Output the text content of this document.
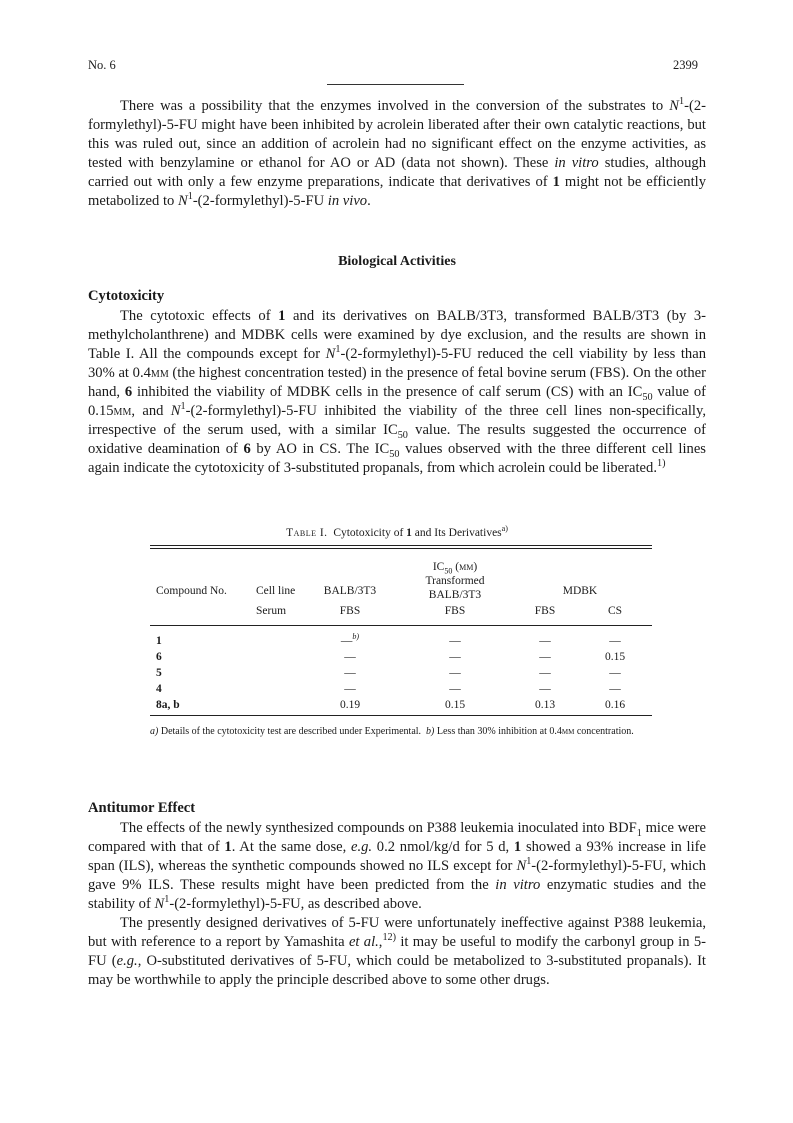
No. 6	2399

There was a possibility that the enzymes involved in the conversion of the substrates to $N^1-(2-formylethyl)-5-FU$ might have been inhibited by acrolein liberated after their own catalytic reactions, but this was ruled out, since an addition of acrolein had no significant effect on the enzyme activities, as tested with benzylamine or ethanol for AO or AD (data not shown). These in vitro studies, although carried out with only a few enzyme preparations, indicate that derivatives of 1 might not be efficiently metabolized to $N^1-(2-formylethyl)-5-FU$ in vivo.

Biological Activities
Cytotoxicity

The cytotoxic effects of 1 and its derivatives on BALB/3T3, transformed BALB/3T3 (by 3-methylcholanthrene) and MDBK cells were examined by dye exclusion, and the results are shown in Table I. All the compounds except for $N^1-(2-formylethyl)-5-FU$ reduced the cell viability by less than 30% at 0.4mm (the highest concentration tested) in the presence of fetal bovine serum (FBS). On the other hand, 6 inhibited the viability of MDBK cells in the presence of calf serum (CS) with an $IC_{50}$ value of 0.15mm, and $N^1-(2-formylethyl)-5-FU$ inhibited the viability of the three cell lines non-specifically, irrespective of the serum used, with a similar $IC_{50}$ value. The results suggested the occurrence of oxidative deamination of 6 by AO in CS. The $IC_{50}$ values observed with the three different cell lines again indicate the cytotoxicity of 3-substituted propanals, from which acrolein could be liberated.$^{1)}$

Table I. Cytotoxicity of 1 and Its Derivatives$^{a)}$
$IC_{50}$ (mm)
Compound No.	Cell line	BALB/3T3
Transformed
BALB/3T3	MDBK
Serum	FBS	FBS	FBS	CS
1	—$^{b)}$	—	—	—
6	—	—	—	0.15
5	—	—	—	—
4	—	—	—	—
8a, b	0.19	0.15	0.13	0.16
a) Details of the cytotoxicity test are described under Experimental. b) Less than 30% inhibition at 0.4mm concentration.
Antitumor Effect

The effects of the newly synthesized compounds on P388 leukemia inoculated into $BDF_1$ mice were compared with that of 1. At the same dose, e.g. 0.2 nmol/kg/d for 5 d, 1 showed a 93% increase in life span (ILS), whereas the synthetic compounds showed no ILS except for $N^1-(2-formylethyl)-5-FU$, which gave 9% ILS. These results might have been predicted from the in vitro enzymatic studies and the stability of $N^1-(2-formylethyl)-5-FU$, as described above.

The presently designed derivatives of 5-FU were unfortunately ineffective against P388 leukemia, but with reference to a report by Yamashita et al.,$^{12)}$ it may be useful to modify the carbonyl group in 5-FU (e.g., O-substituted derivatives of 5-FU, which could be metabolized to 3-substituted propanals). It may be worthwhile to apply the principle described above to some other drugs.
